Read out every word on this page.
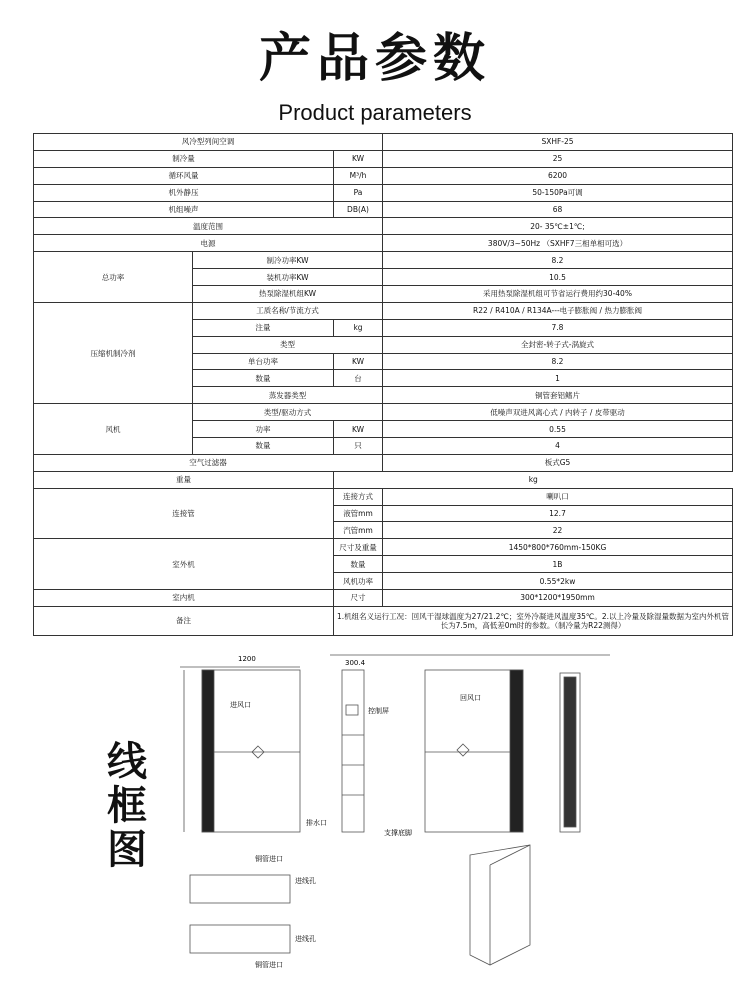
产品参数
Product parameters
风冷型列间空调			SXHF-25
制冷量		KW	25
循环风量		M³/h	6200
机外静压		Pa	50-150Pa可调
机组噪声		DB(A)	68
温度范围			20- 35℃±1℃;
电源			380V/3~50Hz （SXHF7三相单相可选）
总功率	制冷功率KW		8.2
	装机功率KW		10.5
	热泵除湿机组KW		采用热泵除湿机组可节省运行费用约30-40%
压缩机制冷剂	工质名称/节流方式		R22 / R410A / R134A---电子膨胀阀 / 热力膨胀阀
	注量	kg	7.8
	类型		全封密-转子式-涡旋式
	单台功率	KW	8.2
	数量	台	1
	蒸发器类型		铜管套铝鳍片
风机	类型/驱动方式		低噪声双进风离心式 / 内转子 / 皮带驱动
	功率	KW	0.55
	数量	只	4
空气过滤器			板式G5
重量		kg	
连接管		连接方式	喇叭口
		液管mm	12.7
		汽管mm	22
室外机		尺寸及重量	1450*800*760mm-150KG
		数量	1B
		风机功率	0.55*2kw
室内机		尺寸	300*1200*1950mm
备注		1.机组名义运行工况：回风干湿球温度为27/21.2℃；室外冷凝进风温度35℃。2.以上冷量及除湿量数据为室内外机管长为7.5m，高低差0m时的参数。（制冷量为R22测得）	
线框图
1200	300.4
进风口
控制屏
排水口
支撑底脚
回风口
铜管进口
进线孔
进线孔
铜管进口
